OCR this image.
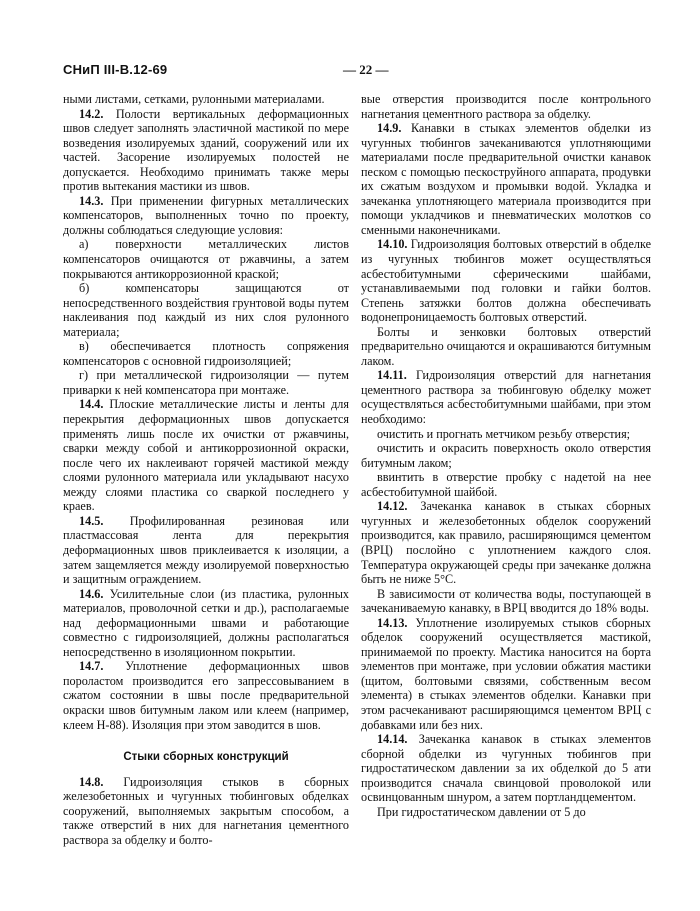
СНиП III-В.12-69	— 22 —

ными листами, сетками, рулонными материалами.

14.2. Полости вертикальных деформационных швов следует заполнять эластичной мастикой по мере возведения изолируемых зданий, сооружений или их частей. Засорение изолируемых полостей не допускается. Необходимо принимать также меры против вытекания мастики из швов.

14.3. При применении фигурных металлических компенсаторов, выполненных точно по проекту, должны соблюдаться следующие условия:

а) поверхности металлических листов компенсаторов очищаются от ржавчины, а затем покрываются антикоррозионной краской;

б) компенсаторы защищаются от непосредственного воздействия грунтовой воды путем наклеивания под каждый из них слоя рулонного материала;

в) обеспечивается плотность сопряжения компенсаторов с основной гидроизоляцией;

г) при металлической гидроизоляции — путем приварки к ней компенсатора при монтаже.

14.4. Плоские металлические листы и ленты для перекрытия деформационных швов допускается применять лишь после их очистки от ржавчины, сварки между собой и антикоррозионной окраски, после чего их наклеивают горячей мастикой между слоями рулонного материала или укладывают насухо между слоями пластика со сваркой последнего у краев.

14.5. Профилированная резиновая или пластмассовая лента для перекрытия деформационных швов приклеивается к изоляции, а затем защемляется между изолируемой поверхностью и защитным ограждением.

14.6. Усилительные слои (из пластика, рулонных материалов, проволочной сетки и др.), располагаемые над деформационными швами и работающие совместно с гидроизоляцией, должны располагаться непосредственно в изоляционном покрытии.

14.7. Уплотнение деформационных швов пороластом производится его запрессовыванием в сжатом состоянии в швы после предварительной окраски швов битумным лаком или клеем (например, клеем Н-88). Изоляция при этом заводится в шов.

Стыки сборных конструкций

14.8. Гидроизоляция стыков в сборных железобетонных и чугунных тюбинговых обделках сооружений, выполняемых закрытым способом, а также отверстий в них для нагнетания цементного раствора за обделку и болто-

вые отверстия производится после контрольного нагнетания цементного раствора за обделку.

14.9. Канавки в стыках элементов обделки из чугунных тюбингов зачеканиваются уплотняющими материалами после предварительной очистки канавок песком с помощью пескоструйного аппарата, продувки их сжатым воздухом и промывки водой. Укладка и зачеканка уплотняющего материала производится при помощи укладчиков и пневматических молотков со сменными наконечниками.

14.10. Гидроизоляция болтовых отверстий в обделке из чугунных тюбингов может осуществляться асбестобитумными сферическими шайбами, устанавливаемыми под головки и гайки болтов. Степень затяжки болтов должна обеспечивать водонепроницаемость болтовых отверстий.

Болты и зенковки болтовых отверстий предварительно очищаются и окрашиваются битумным лаком.

14.11. Гидроизоляция отверстий для нагнетания цементного раствора за тюбинговую обделку может осуществляться асбестобитумными шайбами, при этом необходимо:

очистить и прогнать метчиком резьбу отверстия;

очистить и окрасить поверхность около отверстия битумным лаком;

ввинтить в отверстие пробку с надетой на нее асбестобитумной шайбой.

14.12. Зачеканка канавок в стыках сборных чугунных и железобетонных обделок сооружений производится, как правило, расширяющимся цементом (ВРЦ) послойно с уплотнением каждого слоя. Температура окружающей среды при зачеканке должна быть не ниже 5°С.

В зависимости от количества воды, поступающей в зачеканиваемую канавку, в ВРЦ вводится до 18% воды.

14.13. Уплотнение изолируемых стыков сборных обделок сооружений осуществляется мастикой, принимаемой по проекту. Мастика наносится на борта элементов при монтаже, при условии обжатия мастики (щитом, болтовыми связями, собственным весом элемента) в стыках элементов обделки. Канавки при этом расчеканивают расширяющимся цементом ВРЦ с добавками или без них.

14.14. Зачеканка канавок в стыках элементов сборной обделки из чугунных тюбингов при гидростатическом давлении за их обделкой до 5 ати производится сначала свинцовой проволокой или освинцованным шнуром, а затем портландцементом.

При гидростатическом давлении от 5 до
